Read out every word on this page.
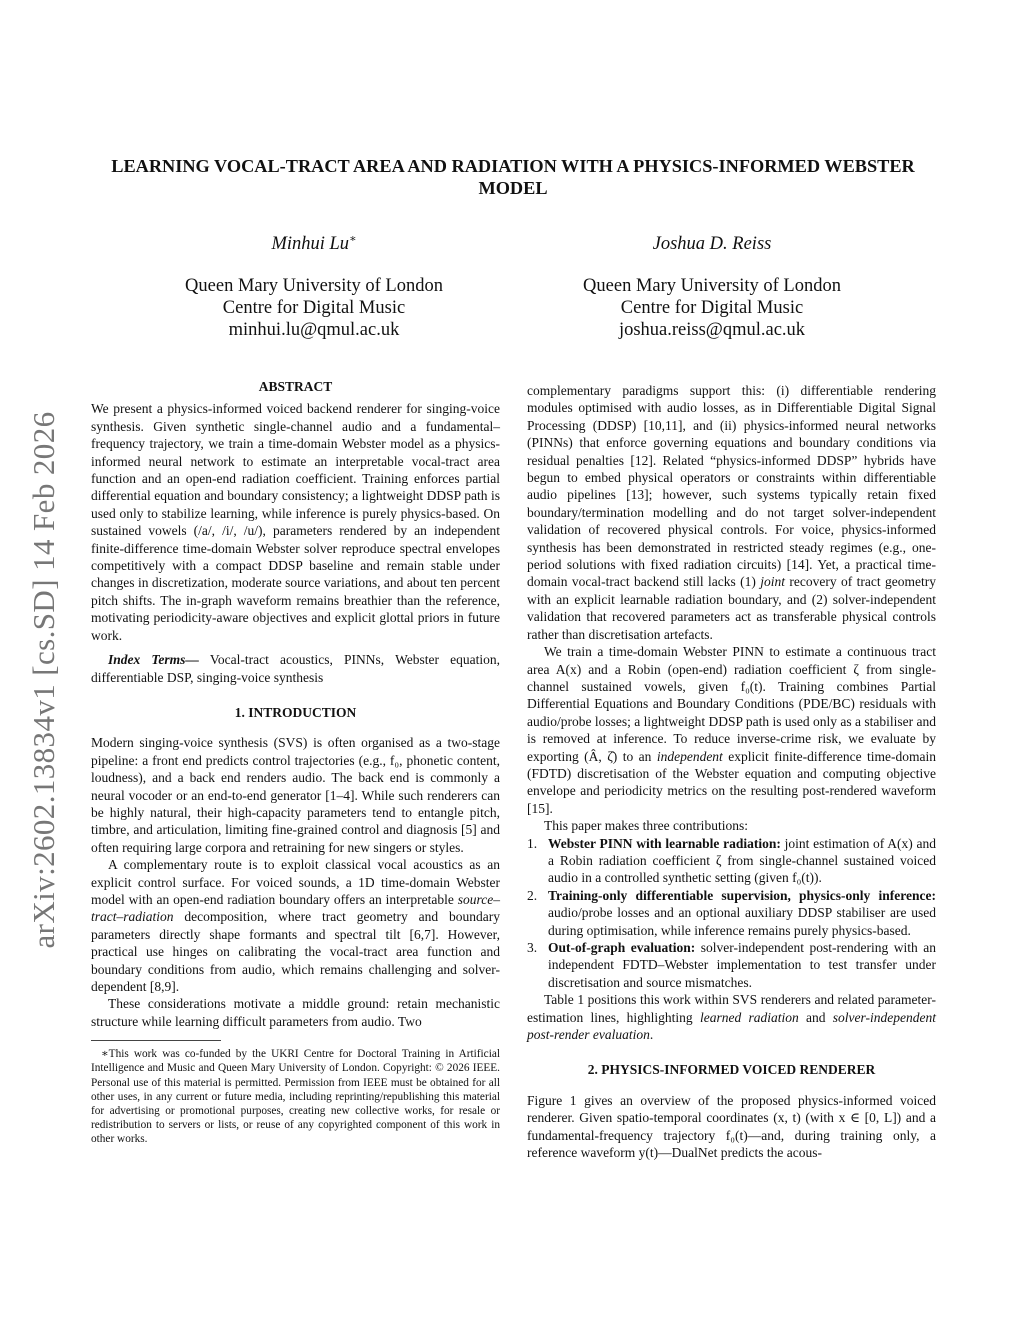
arXiv:2602.13834v1 [cs.SD] 14 Feb 2026
LEARNING VOCAL-TRACT AREA AND RADIATION WITH A PHYSICS-INFORMED WEBSTER MODEL
Minhui Lu∗
Queen Mary University of London
Centre for Digital Music
minhui.lu@qmul.ac.uk
Joshua D. Reiss
Queen Mary University of London
Centre for Digital Music
joshua.reiss@qmul.ac.uk
ABSTRACT

We present a physics-informed voiced backend renderer for singing-voice synthesis. Given synthetic single-channel audio and a fundamental–frequency trajectory, we train a time-domain Webster model as a physics-informed neural network to estimate an interpretable vocal-tract area function and an open-end radiation coefficient. Training enforces partial differential equation and boundary consistency; a lightweight DDSP path is used only to stabilize learning, while inference is purely physics-based. On sustained vowels (/a/, /i/, /u/), parameters rendered by an independent finite-difference time-domain Webster solver reproduce spectral envelopes competitively with a compact DDSP baseline and remain stable under changes in discretization, moderate source variations, and about ten percent pitch shifts. The in-graph waveform remains breathier than the reference, motivating periodicity-aware objectives and explicit glottal priors in future work.

Index Terms— Vocal-tract acoustics, PINNs, Webster equation, differentiable DSP, singing-voice synthesis

1. INTRODUCTION

Modern singing-voice synthesis (SVS) is often organised as a two-stage pipeline: a front end predicts control trajectories (e.g., f₀, phonetic content, loudness), and a back end renders audio. The back end is commonly a neural vocoder or an end-to-end generator [1–4]. While such renderers can be highly natural, their high-capacity parameters tend to entangle pitch, timbre, and articulation, limiting fine-grained control and diagnosis [5] and often requiring large corpora and retraining for new singers or styles.

A complementary route is to exploit classical vocal acoustics as an explicit control surface. For voiced sounds, a 1D time-domain Webster model with an open-end radiation boundary offers an interpretable source–tract–radiation decomposition, where tract geometry and boundary parameters directly shape formants and spectral tilt [6,7]. However, practical use hinges on calibrating the vocal-tract area function and boundary conditions from audio, which remains challenging and solver-dependent [8,9].

These considerations motivate a middle ground: retain mechanistic structure while learning difficult parameters from audio. Two

∗This work was co-funded by the UKRI Centre for Doctoral Training in Artificial Intelligence and Music and Queen Mary University of London. Copyright: © 2026 IEEE. Personal use of this material is permitted. Permission from IEEE must be obtained for all other uses, in any current or future media, including reprinting/republishing this material for advertising or promotional purposes, creating new collective works, for resale or redistribution to servers or lists, or reuse of any copyrighted component of this work in other works.

complementary paradigms support this: (i) differentiable rendering modules optimised with audio losses, as in Differentiable Digital Signal Processing (DDSP) [10,11], and (ii) physics-informed neural networks (PINNs) that enforce governing equations and boundary conditions via residual penalties [12]. Related “physics-informed DDSP” hybrids have begun to embed physical operators or constraints within differentiable audio pipelines [13]; however, such systems typically retain fixed boundary/termination modelling and do not target solver-independent validation of recovered physical controls. For voice, physics-informed synthesis has been demonstrated in restricted steady regimes (e.g., one-period solutions with fixed radiation circuits) [14]. Yet, a practical time-domain vocal-tract backend still lacks (1) joint recovery of tract geometry with an explicit learnable radiation boundary, and (2) solver-independent validation that recovered parameters act as transferable physical controls rather than discretisation artefacts.

We train a time-domain Webster PINN to estimate a continuous tract area A(x) and a Robin (open-end) radiation coefficient ζ from single-channel sustained vowels, given f₀(t). Training combines Partial Differential Equations and Boundary Conditions (PDE/BC) residuals with audio/probe losses; a lightweight DDSP path is used only as a stabiliser and is removed at inference. To reduce inverse-crime risk, we evaluate by exporting (Â, ζ̂) to an independent explicit finite-difference time-domain (FDTD) discretisation of the Webster equation and computing objective envelope and periodicity metrics on the resulting post-rendered waveform [15].

This paper makes three contributions:

1. Webster PINN with learnable radiation: joint estimation of A(x) and a Robin radiation coefficient ζ from single-channel sustained voiced audio in a controlled synthetic setting (given f₀(t)).
2. Training-only differentiable supervision, physics-only inference: audio/probe losses and an optional auxiliary DDSP stabiliser are used during optimisation, while inference remains purely physics-based.
3. Out-of-graph evaluation: solver-independent post-rendering with an independent FDTD–Webster implementation to test transfer under discretisation and source mismatches.

Table 1 positions this work within SVS renderers and related parameter-estimation lines, highlighting learned radiation and solver-independent post-render evaluation.

2. PHYSICS-INFORMED VOICED RENDERER

Figure 1 gives an overview of the proposed physics-informed voiced renderer. Given spatio-temporal coordinates (x, t) (with x ∈ [0, L]) and a fundamental-frequency trajectory f₀(t)—and, during training only, a reference waveform y(t)—DualNet predicts the acous-
